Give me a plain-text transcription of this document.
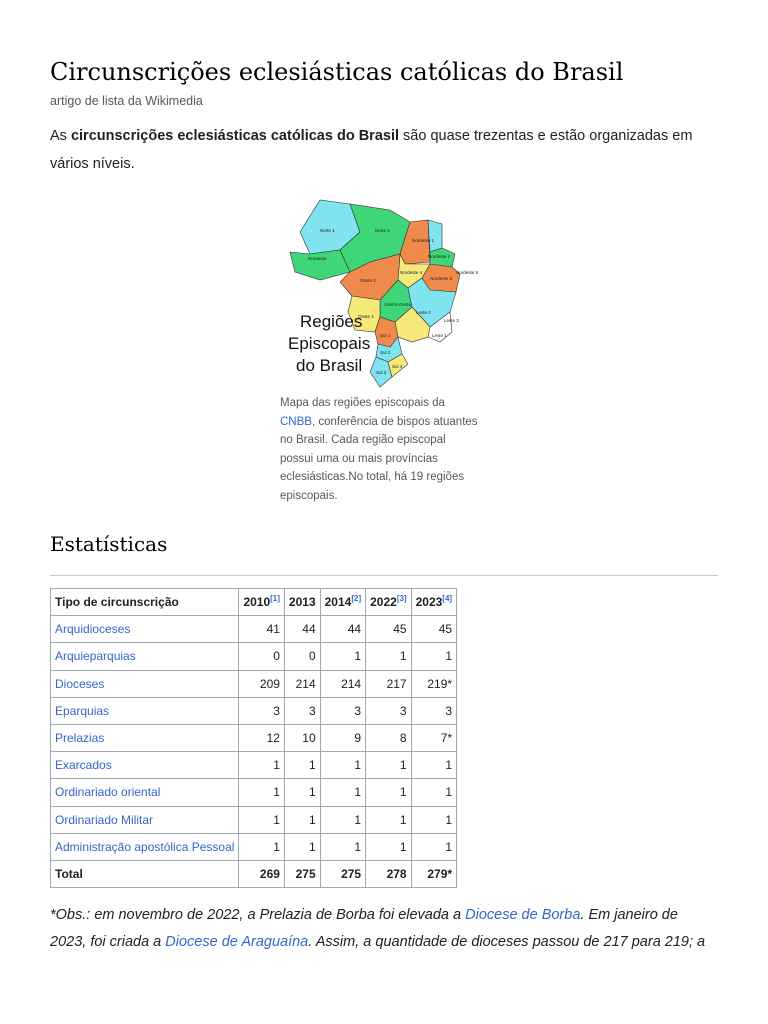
Circunscrições eclesiásticas católicas do Brasil
artigo de lista da Wikimedia
As circunscrições eclesiásticas católicas do Brasil são quase trezentas e estão organizadas em vários níveis.
Regiões
Episcopais
do Brasil
Norte 1	Norte 2
Noroeste
Oeste 2
Oeste 1
Centro-Oeste
Nordeste 1
Nordeste 2
Nordeste 3
Nordeste 4	Nordeste 5
Leste 1
Leste 2
Leste 3
Sul 1
Sul 2
Sul 3
Sul 4
Mapa das regiões episcopais da CNBB, conferência de bispos atuantes no Brasil. Cada região episcopal possui uma ou mais províncias eclesiásticas.No total, há 19 regiões episcopais.
Estatísticas
Tipo de circunscrição	2010[1]	2013	2014[2]	2022[3]	2023[4]
Arquidioceses	41	44	44	45	45
Arquieparquias	0	0	1	1	1
Dioceses	209	214	214	217	219*
Eparquias	3	3	3	3	3
Prelazias	12	10	9	8	7*
Exarcados	1	1	1	1	1
Ordinariado oriental	1	1	1	1	1
Ordinariado Militar	1	1	1	1	1
Administração apostólica Pessoal	1	1	1	1	1
Total	269	275	275	278	279*
*Obs.: em novembro de 2022, a Prelazia de Borba foi elevada a Diocese de Borba. Em janeiro de 2023, foi criada a Diocese de Araguaína. Assim, a quantidade de dioceses passou de 217 para 219; a
